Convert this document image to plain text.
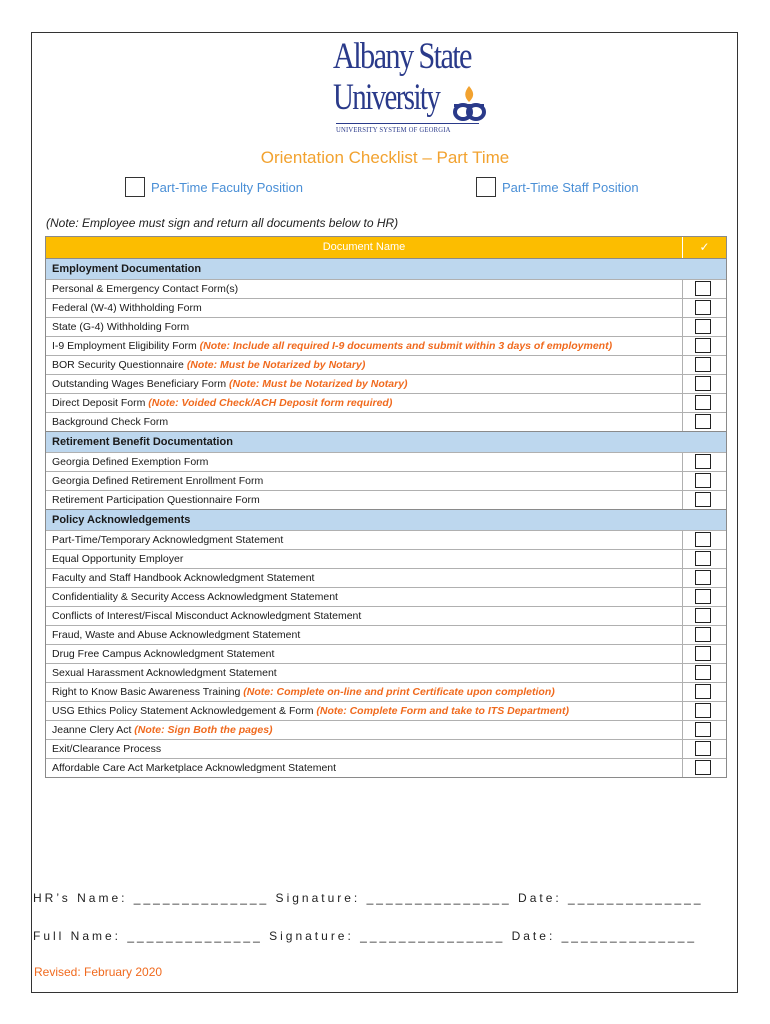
Albany State
University
UNIVERSITY SYSTEM OF GEORGIA
Orientation Checklist – Part Time
Part-Time Faculty Position	Part-Time Staff Position
(Note: Employee must sign and return all documents below to HR)
Document Name	✓
Employment Documentation
Personal & Emergency Contact Form(s)
Federal (W-4) Withholding Form
State (G-4) Withholding Form
I-9 Employment Eligibility Form (Note: Include all required I-9 documents and submit within 3 days of employment)
BOR Security Questionnaire (Note: Must be Notarized by Notary)
Outstanding Wages Beneficiary Form (Note: Must be Notarized by Notary)
Direct Deposit Form (Note: Voided Check/ACH Deposit form required)
Background Check Form
Retirement Benefit Documentation
Georgia Defined Exemption Form
Georgia Defined Retirement Enrollment Form
Retirement Participation Questionnaire Form
Policy Acknowledgements
Part-Time/Temporary Acknowledgment Statement
Equal Opportunity Employer
Faculty and Staff Handbook Acknowledgment Statement
Confidentiality & Security Access Acknowledgment Statement
Conflicts of Interest/Fiscal Misconduct Acknowledgment Statement
Fraud, Waste and Abuse Acknowledgment Statement
Drug Free Campus Acknowledgment Statement
Sexual Harassment Acknowledgment Statement
Right to Know Basic Awareness Training (Note: Complete on-line and print Certificate upon completion)
USG Ethics Policy Statement Acknowledgement & Form (Note: Complete Form and take to ITS Department)
Jeanne Clery Act (Note: Sign Both the pages)
Exit/Clearance Process
Affordable Care Act Marketplace Acknowledgment Statement
HR’s Name: ______________ Signature: _______________ Date: ______________
Full Name: ______________ Signature: _______________ Date: ______________
Revised: February 2020
